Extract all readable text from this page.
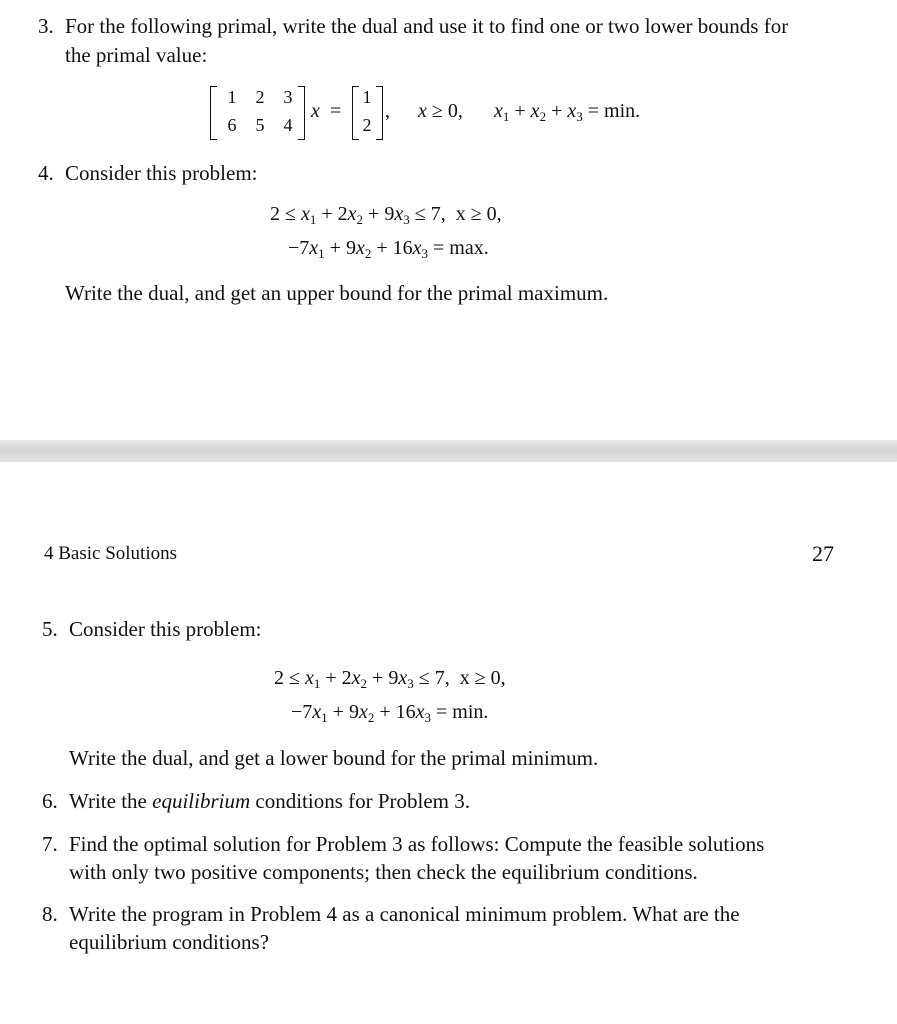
3. For the following primal, write the dual and use it to find one or two lower bounds for
the primal value:
1 2 3
6 5 4
x =
1
2
, x ≥ 0, $x_1 + x_2 + x_3 = \min$.
4. Consider this problem:
$2 \le x_1 + 2x_2 + 9x_3 \le 7$, x ≥ 0,
$-7x_1 + 9x_2 + 16x_3 = \max$.
Write the dual, and get an upper bound for the primal maximum.
4 Basic Solutions	27
5. Consider this problem:
$2 \le x_1 + 2x_2 + 9x_3 \le 7$, x ≥ 0,
$-7x_1 + 9x_2 + 16x_3 = \min$.
Write the dual, and get a lower bound for the primal minimum.
6. Write the equilibrium conditions for Problem 3.
7. Find the optimal solution for Problem 3 as follows: Compute the feasible solutions
with only two positive components; then check the equilibrium conditions.
8. Write the program in Problem 4 as a canonical minimum problem. What are the
equilibrium conditions?
